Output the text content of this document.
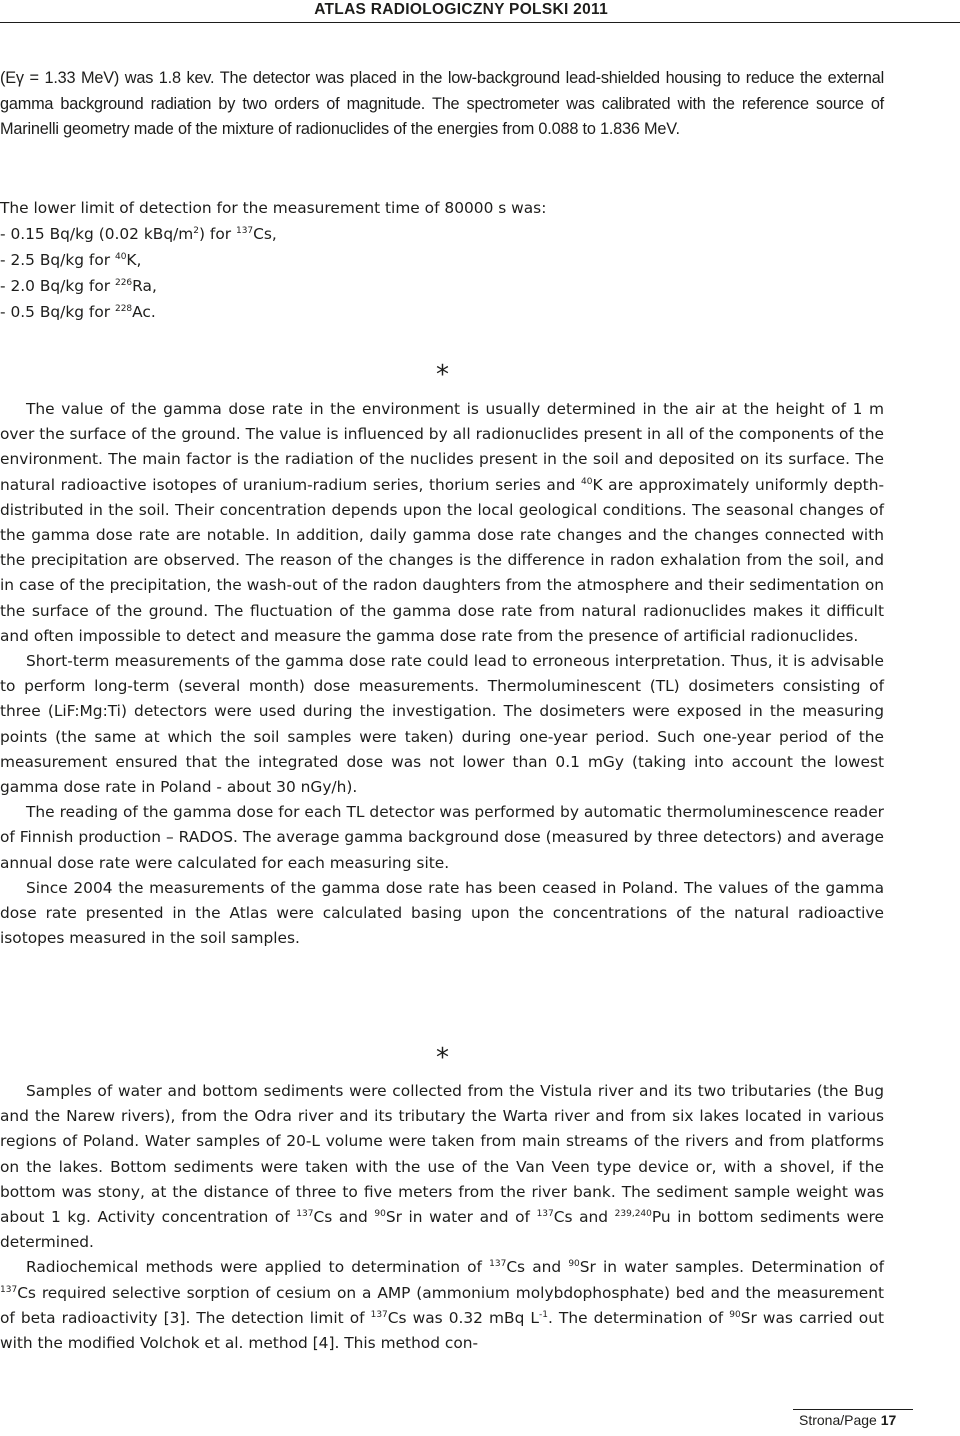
ATLAS RADIOLOGICZNY POLSKI 2011

(Eγ = 1.33 MeV) was 1.8 kev. The detector was placed in the low-background lead-shielded housing to reduce the external gamma background radiation by two orders of magnitude. The spectrometer was calibrated with the reference source of Marinelli geometry made of the mixture of radionuclides of the energies from 0.088 to 1.836 MeV.

The lower limit of detection for the measurement time of 80000 s was:

- 0.15 Bq/kg (0.02 kBq/$m^2$) for $^{137}$Cs,

- 2.5 Bq/kg for $^{40}$K,

- 2.0 Bq/kg for $^{226}$Ra,

- 0.5 Bq/kg for $^{228}$Ac.

*

The value of the gamma dose rate in the environment is usually determined in the air at the height of 1 m over the surface of the ground. The value is influenced by all radionuclides present in all of the components of the environment. The main factor is the radiation of the nuclides present in the soil and deposited on its surface. The natural radioactive isotopes of uranium-radium series, thorium series and $^{40}$K are approximately uniformly depth-distributed in the soil. Their concentration depends upon the local geological conditions. The seasonal changes of the gamma dose rate are notable. In addition, daily gamma dose rate changes and the changes connected with the precipitation are observed. The reason of the changes is the difference in radon exhalation from the soil, and in case of the precipitation, the wash-out of the radon daughters from the atmosphere and their sedimentation on the surface of the ground. The fluctuation of the gamma dose rate from natural radionuclides makes it difficult and often impossible to detect and measure the gamma dose rate from the presence of artificial radionuclides.

Short-term measurements of the gamma dose rate could lead to erroneous interpretation. Thus, it is advisable to perform long-term (several month) dose measurements. Thermoluminescent (TL) dosimeters consisting of three (LiF:Mg:Ti) detectors were used during the investigation. The dosimeters were exposed in the measuring points (the same at which the soil samples were taken) during one-year period. Such one-year period of the measurement ensured that the integrated dose was not lower than 0.1 mGy (taking into account the lowest gamma dose rate in Poland - about 30 nGy/h).

The reading of the gamma dose for each TL detector was performed by automatic thermoluminescence reader of Finnish production – RADOS. The average gamma background dose (measured by three detectors) and average annual dose rate were calculated for each measuring site.

Since 2004 the measurements of the gamma dose rate has been ceased in Poland. The values of the gamma dose rate presented in the Atlas were calculated basing upon the concentrations of the natural radioactive isotopes measured in the soil samples.

*

Samples of water and bottom sediments were collected from the Vistula river and its two tributaries (the Bug and the Narew rivers), from the Odra river and its tributary the Warta river and from six lakes located in various regions of Poland. Water samples of 20-L volume were taken from main streams of the rivers and from platforms on the lakes. Bottom sediments were taken with the use of the Van Veen type device or, with a shovel, if the bottom was stony, at the distance of three to five meters from the river bank. The sediment sample weight was about 1 kg. Activity concentration of $^{137}$Cs and $^{90}$Sr in water and of $^{137}$Cs and $^{239,240}$Pu in bottom sediments were determined.

Radiochemical methods were applied to determination of $^{137}$Cs and $^{90}$Sr in water samples. Determination of $^{137}$Cs required selective sorption of cesium on a AMP (ammonium molybdophosphate) bed and the measurement of beta radioactivity [3]. The detection limit of $^{137}$Cs was 0.32 mBq $L^{-1}$. The determination of $^{90}$Sr was carried out with the modified Volchok et al. method [4]. This method con-

Strona/Page 17
